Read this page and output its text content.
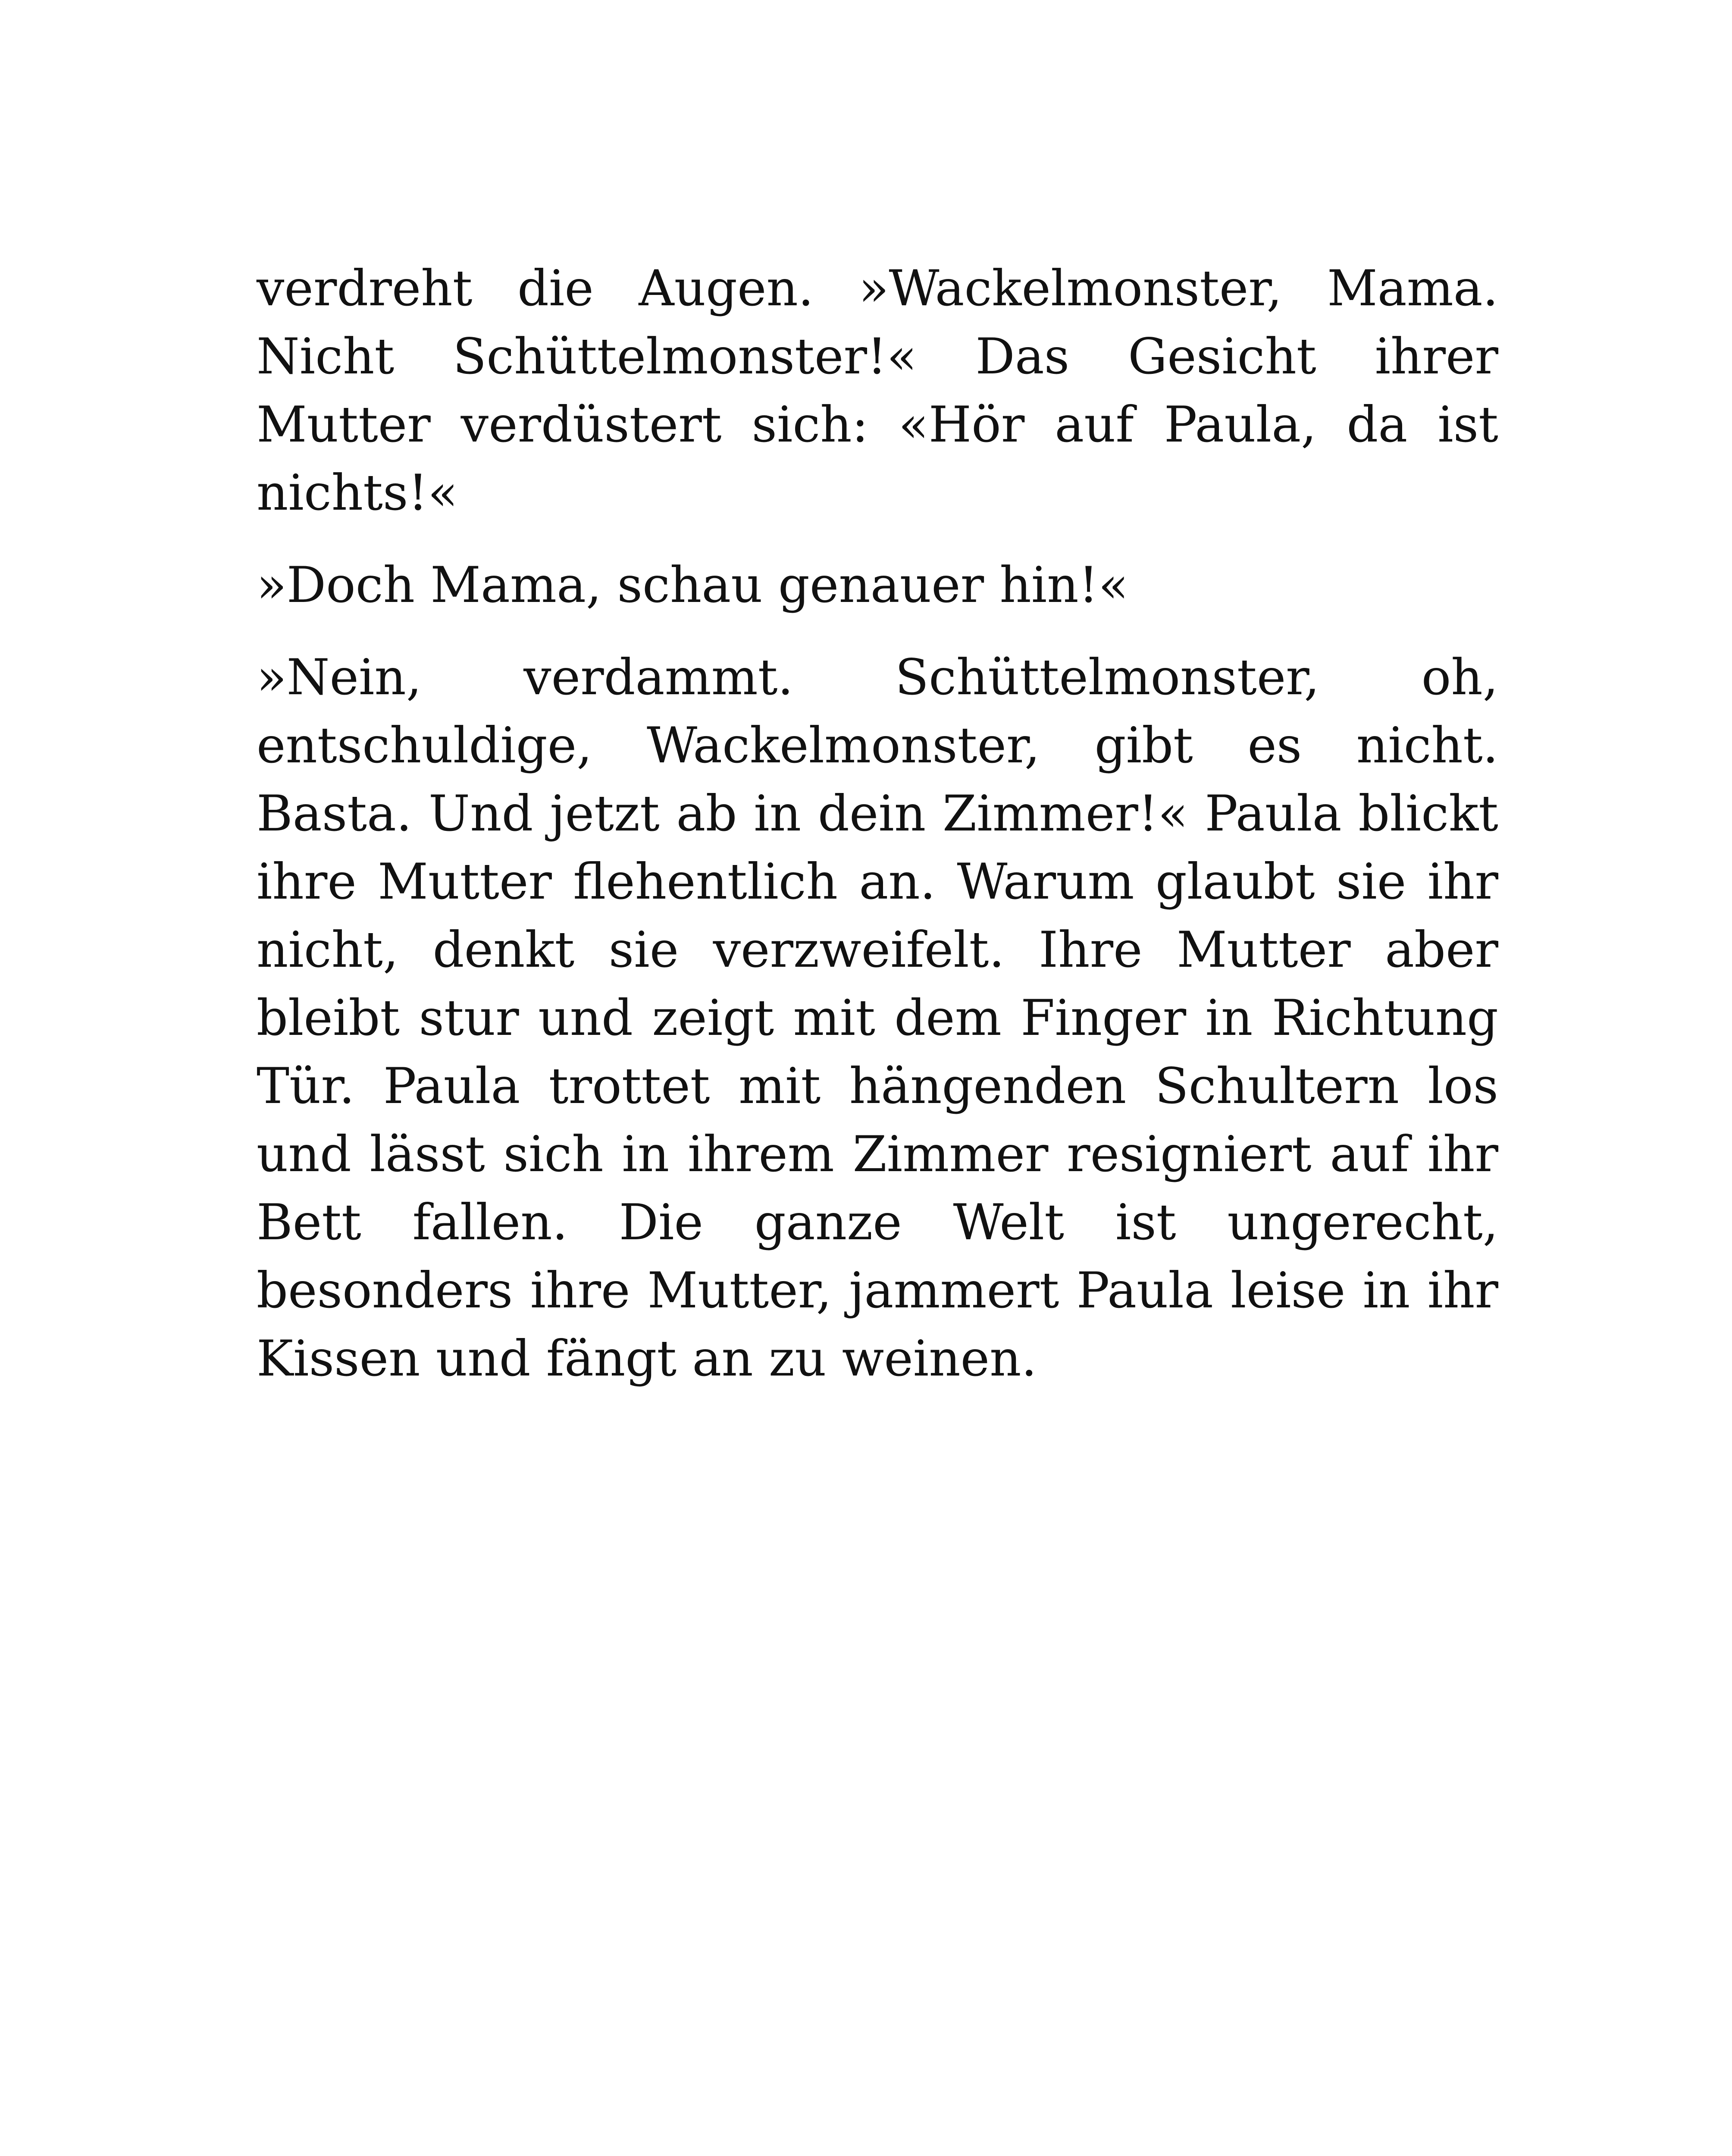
verdreht die Augen. »Wackelmonster, Mama. Nicht Schüttelmonster!« Das Gesicht ihrer Mutter verdüstert sich: «Hör auf Paula, da ist nichts!«

»Doch Mama, schau genauer hin!«

»Nein, verdammt. Schüttelmonster, oh, entschuldige, Wackelmonster, gibt es nicht. Basta. Und jetzt ab in dein Zimmer!« Paula blickt ihre Mutter flehentlich an. Warum glaubt sie ihr nicht, denkt sie verzweifelt. Ihre Mutter aber bleibt stur und zeigt mit dem Finger in Richtung Tür. Paula trottet mit hängenden Schultern los und lässt sich in ihrem Zimmer resigniert auf ihr Bett fallen. Die ganze Welt ist ungerecht, besonders ihre Mutter, jammert Paula leise in ihr Kissen und fängt an zu weinen.
